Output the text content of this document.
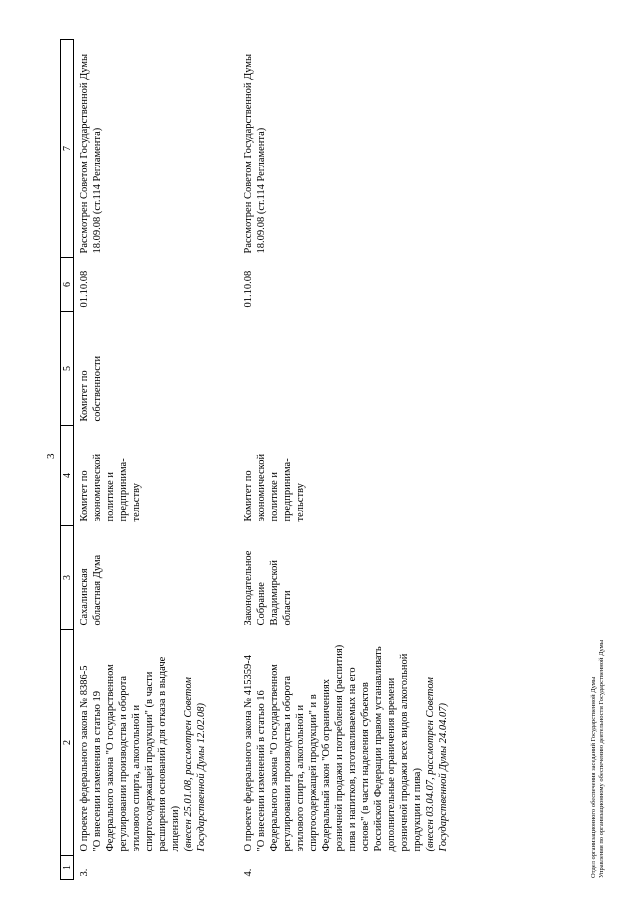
3
1	2	3	4	5	6	7
3.	О проекте федерального закона № 8386-5 "О внесении изменения в статью 19 Федерального закона "О государственном регулировании производства и оборота этилового спирта, алкогольной и спиртосодержащей продукции" (в части расширения оснований для отказа в выдаче лицензии) (внесен 25.01.08, рассмотрен Советом Государственной Думы 12.02.08)	Сахалинская областная Дума	Комитет по экономической политике и предпринима-тельству	Комитет по собственности	01.10.08	Рассмотрен Советом Государственной Думы 18.09.08 (ст.114 Регламента)
4.	О проекте федерального закона № 415359-4 "О внесении изменений в статью 16 Федерального закона "О государственном регулировании производства и оборота этилового спирта, алкогольной и спиртосодержащей продукции" и в Федеральный закон "Об ограничениях розничной продажи и потребления (распития) пива и напитков, изготавливаемых на его основе" (в части наделения субъектов Российской Федерации правом устанавливать дополнительные ограничения времени розничной продажи всех видов алкогольной продукции и пива) (внесен 03.04.07, рассмотрен Советом Государственной Думы 24.04.07)	Законодательное Собрание Владимирской области	Комитет по экономической политике и предпринима-тельству		01.10.08	Рассмотрен Советом Государственной Думы 18.09.08 (ст.114 Регламента)
Отдел организационного обеспечения заседаний Государственной Думы Управления по организационному обеспечению деятельности Государственной Думы
